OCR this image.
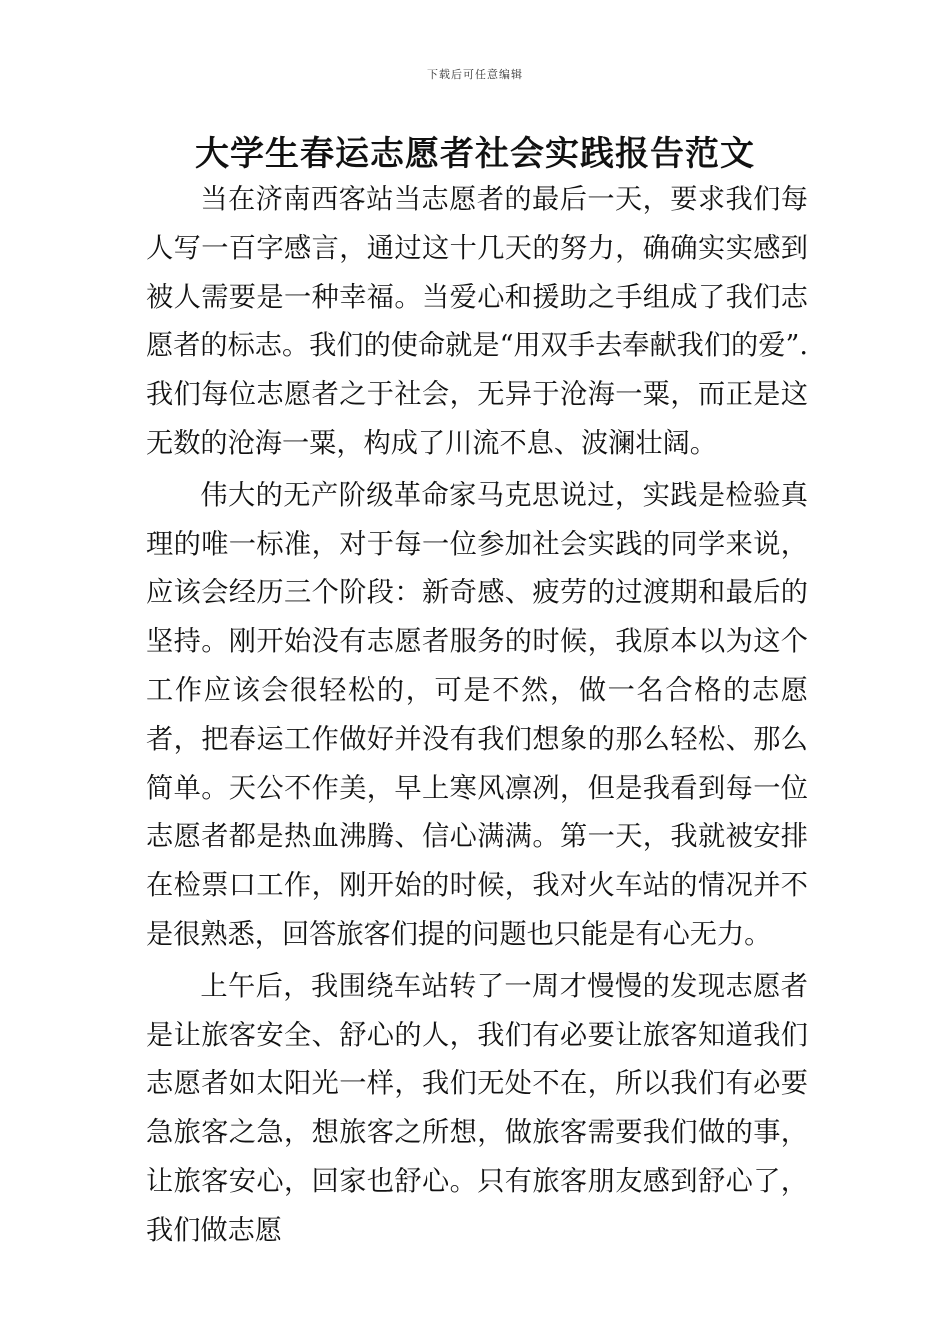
下载后可任意编辑
大学生春运志愿者社会实践报告范文

当在济南西客站当志愿者的最后一天，要求我们每人写一百字感言，通过这十几天的努力，确确实实感到被人需要是一种幸福。当爱心和援助之手组成了我们志愿者的标志。我们的使命就是“用双手去奉献我们的爱”.我们每位志愿者之于社会，无异于沧海一粟，而正是这无数的沧海一粟，构成了川流不息、波澜壮阔。

伟大的无产阶级革命家马克思说过，实践是检验真理的唯一标准，对于每一位参加社会实践的同学来说，应该会经历三个阶段：新奇感、疲劳的过渡期和最后的坚持。刚开始没有志愿者服务的时候，我原本以为这个工作应该会很轻松的，可是不然，做一名合格的志愿者，把春运工作做好并没有我们想象的那么轻松、那么简单。天公不作美，早上寒风凛冽，但是我看到每一位志愿者都是热血沸腾、信心满满。第一天，我就被安排在检票口工作，刚开始的时候，我对火车站的情况并不是很熟悉，回答旅客们提的问题也只能是有心无力。

上午后，我围绕车站转了一周才慢慢的发现志愿者是让旅客安全、舒心的人，我们有必要让旅客知道我们志愿者如太阳光一样，我们无处不在，所以我们有必要急旅客之急，想旅客之所想，做旅客需要我们做的事，让旅客安心，回家也舒心。只有旅客朋友感到舒心了，我们做志愿
